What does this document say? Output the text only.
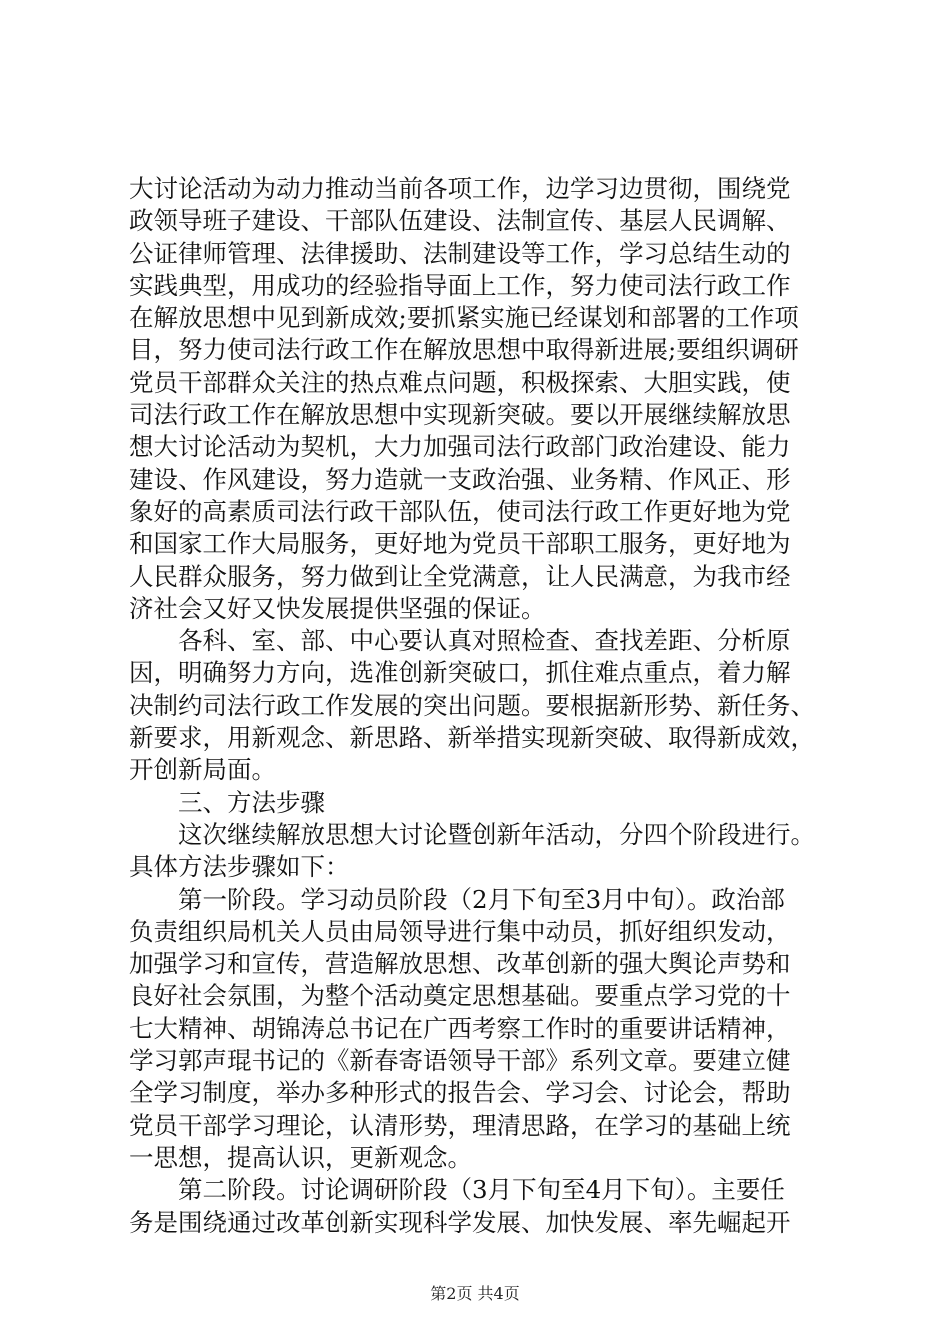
大讨论活动为动力推动当前各项工作，边学习边贯彻，围绕党
政领导班子建设、干部队伍建设、法制宣传、基层人民调解、
公证律师管理、法律援助、法制建设等工作，学习总结生动的
实践典型，用成功的经验指导面上工作，努力使司法行政工作
在解放思想中见到新成效;要抓紧实施已经谋划和部署的工作项
目，努力使司法行政工作在解放思想中取得新进展;要组织调研
党员干部群众关注的热点难点问题，积极探索、大胆实践，使
司法行政工作在解放思想中实现新突破。要以开展继续解放思
想大讨论活动为契机，大力加强司法行政部门政治建设、能力
建设、作风建设，努力造就一支政治强、业务精、作风正、形
象好的高素质司法行政干部队伍，使司法行政工作更好地为党
和国家工作大局服务，更好地为党员干部职工服务，更好地为
人民群众服务，努力做到让全党满意，让人民满意，为我市经
济社会又好又快发展提供坚强的保证。
各科、室、部、中心要认真对照检查、查找差距、分析原
因，明确努力方向，选准创新突破口，抓住难点重点，着力解
决制约司法行政工作发展的突出问题。要根据新形势、新任务、
新要求，用新观念、新思路、新举措实现新突破、取得新成效，
开创新局面。
三、方法步骤
这次继续解放思想大讨论暨创新年活动，分四个阶段进行。
具体方法步骤如下：
第一阶段。学习动员阶段（2月下旬至3月中旬）。政治部
负责组织局机关人员由局领导进行集中动员，抓好组织发动，
加强学习和宣传，营造解放思想、改革创新的强大舆论声势和
良好社会氛围，为整个活动奠定思想基础。要重点学习党的十
七大精神、胡锦涛总书记在广西考察工作时的重要讲话精神，
学习郭声琨书记的《新春寄语领导干部》系列文章。要建立健
全学习制度，举办多种形式的报告会、学习会、讨论会，帮助
党员干部学习理论，认清形势，理清思路，在学习的基础上统
一思想，提高认识，更新观念。
第二阶段。讨论调研阶段（3月下旬至4月下旬）。主要任
务是围绕通过改革创新实现科学发展、加快发展、率先崛起开
第2页 共4页
